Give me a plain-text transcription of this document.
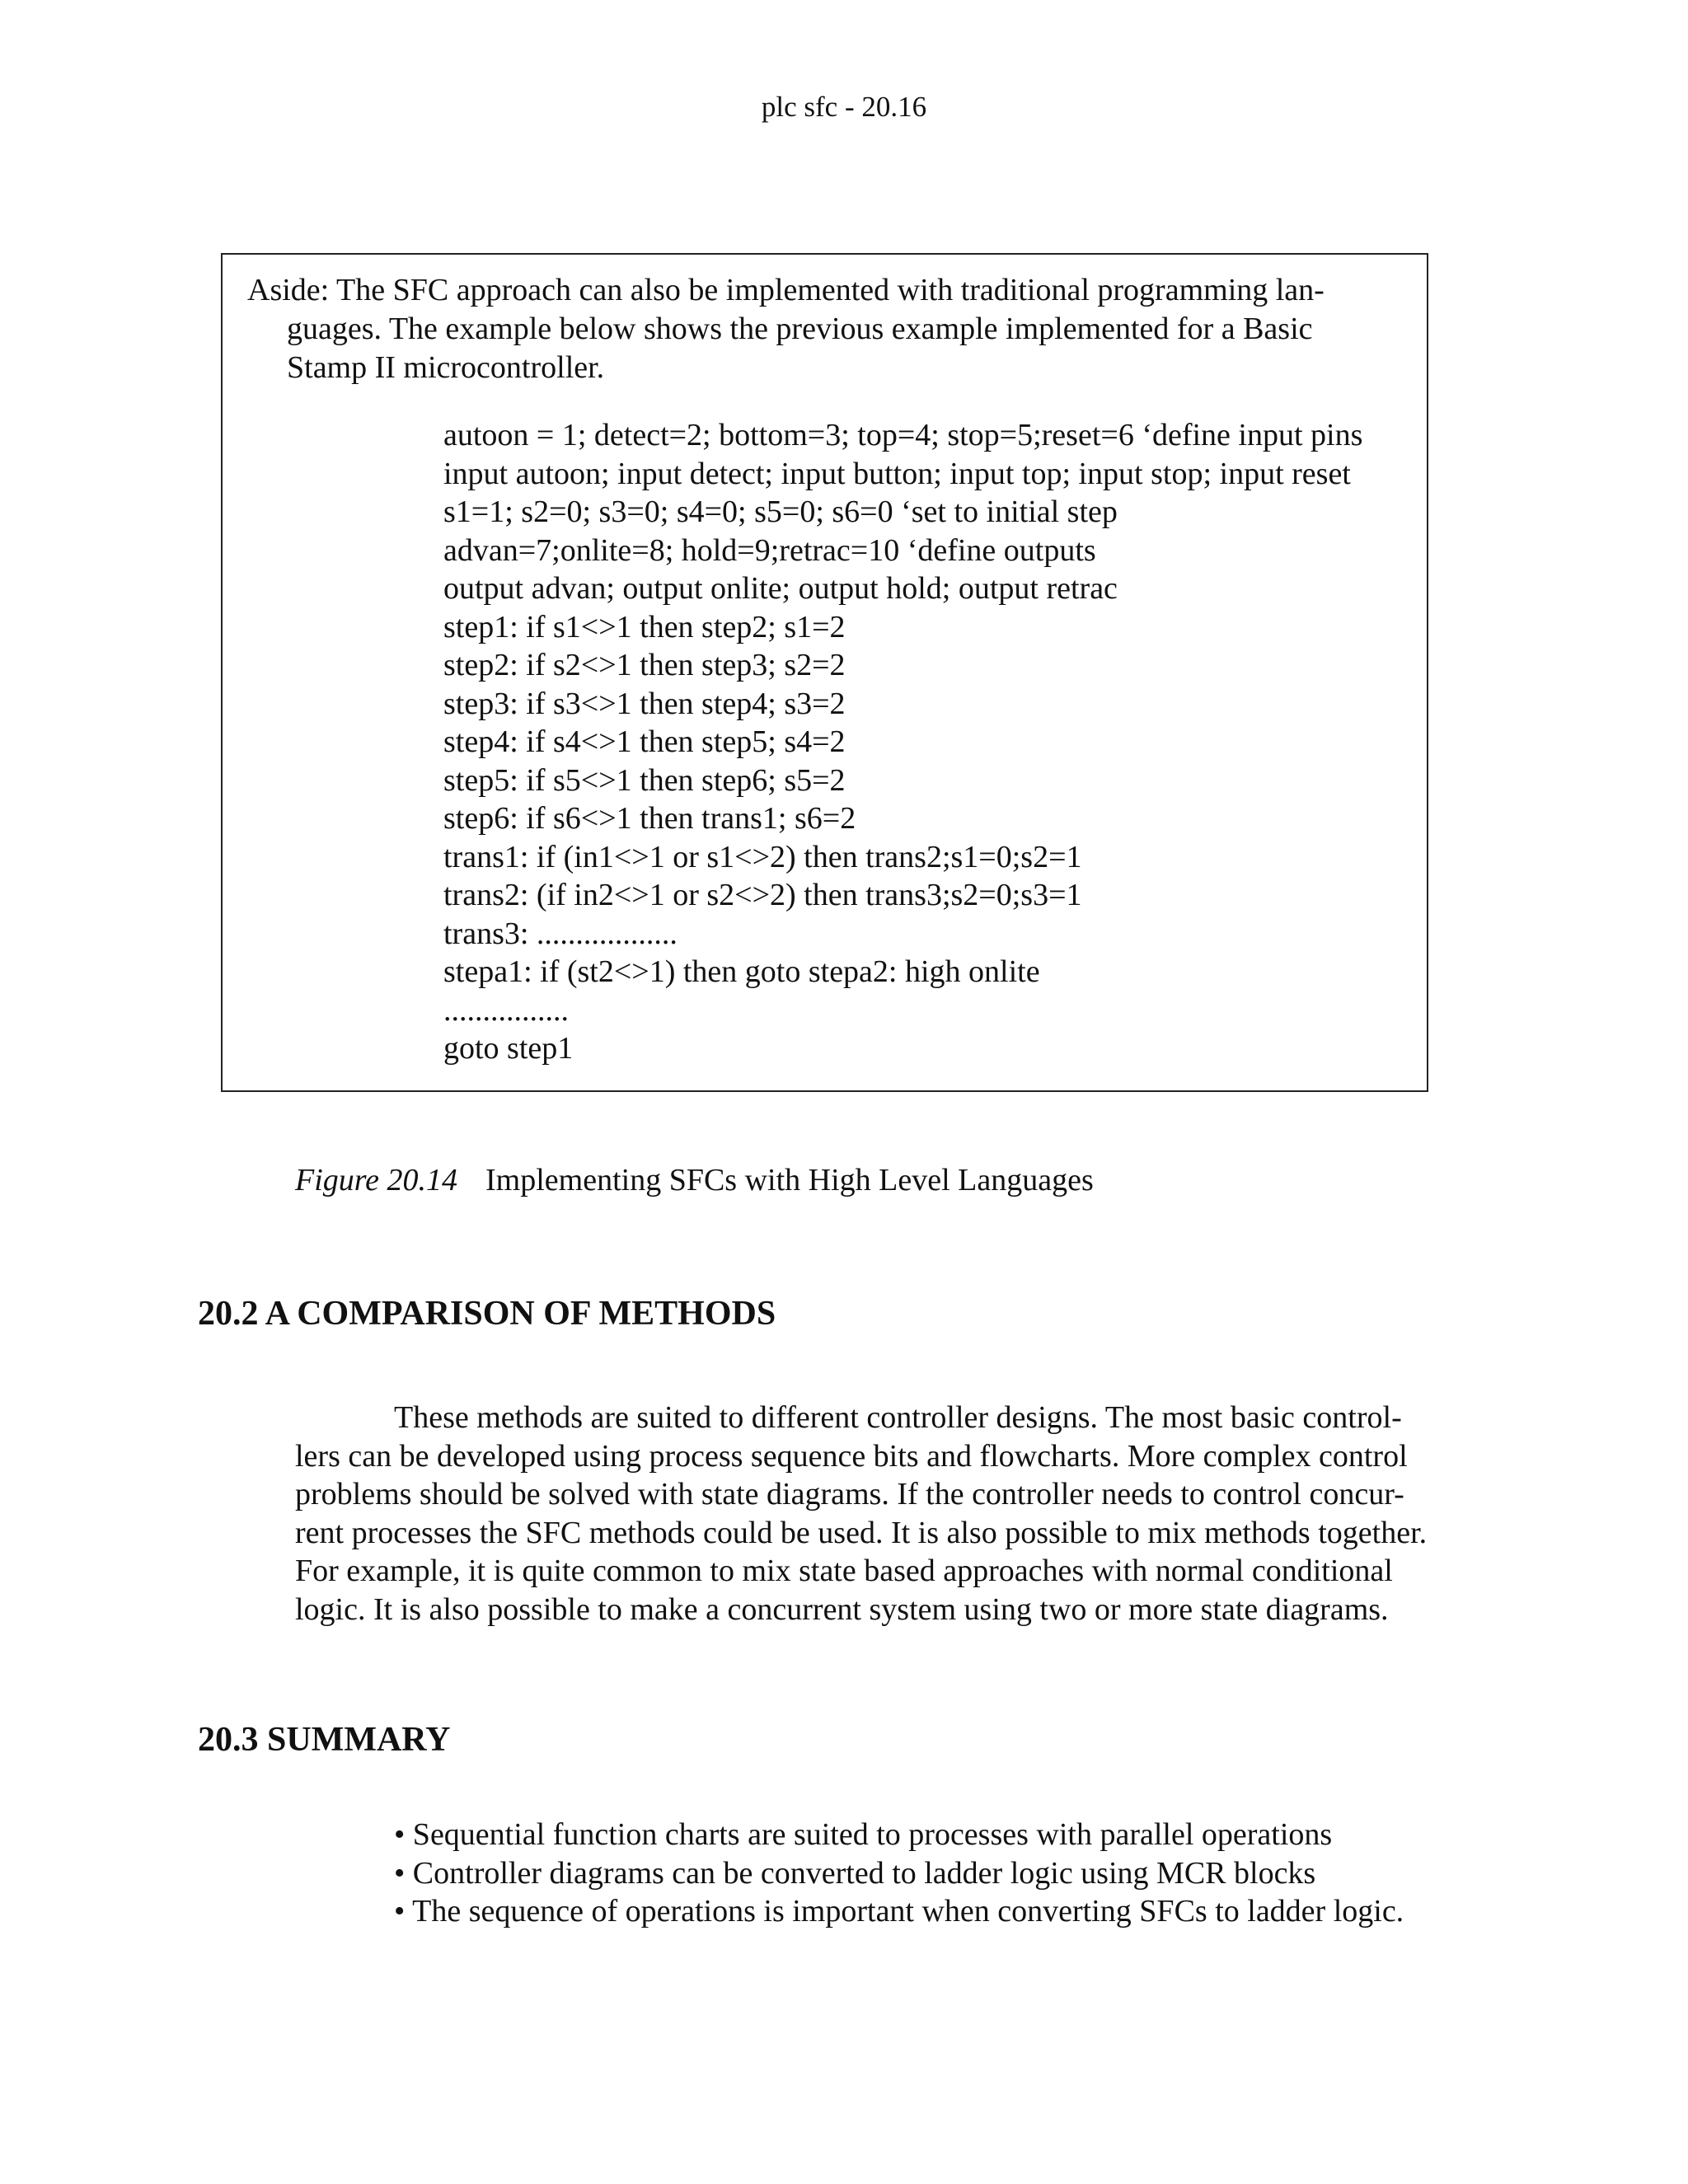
plc sfc - 20.16

Aside: The SFC approach can also be implemented with traditional programming lan-
guages. The example below shows the previous example implemented for a Basic
Stamp II microcontroller.

autoon = 1; detect=2; bottom=3; top=4; stop=5;reset=6 ‘define input pins
input autoon; input detect; input button; input top; input stop; input reset
s1=1; s2=0; s3=0; s4=0; s5=0; s6=0 ‘set to initial step
advan=7;onlite=8; hold=9;retrac=10 ‘define outputs
output advan; output onlite; output hold; output retrac
step1: if s1<>1 then step2; s1=2
step2: if s2<>1 then step3; s2=2
step3: if s3<>1 then step4; s3=2
step4: if s4<>1 then step5; s4=2
step5: if s5<>1 then step6; s5=2
step6: if s6<>1 then trans1; s6=2
trans1: if (in1<>1 or s1<>2) then trans2;s1=0;s2=1
trans2: (if in2<>1 or s2<>2) then trans3;s2=0;s3=1
trans3: ..................
stepa1: if (st2<>1) then goto stepa2: high onlite
................
goto step1
Figure 20.14 Implementing SFCs with High Level Languages
20.2 A COMPARISON OF METHODS

These methods are suited to different controller designs. The most basic control-
lers can be developed using process sequence bits and flowcharts. More complex control
problems should be solved with state diagrams. If the controller needs to control concur-
rent processes the SFC methods could be used. It is also possible to mix methods together.
For example, it is quite common to mix state based approaches with normal conditional
logic. It is also possible to make a concurrent system using two or more state diagrams.

20.3 SUMMARY
• Sequential function charts are suited to processes with parallel operations
• Controller diagrams can be converted to ladder logic using MCR blocks
• The sequence of operations is important when converting SFCs to ladder logic.
